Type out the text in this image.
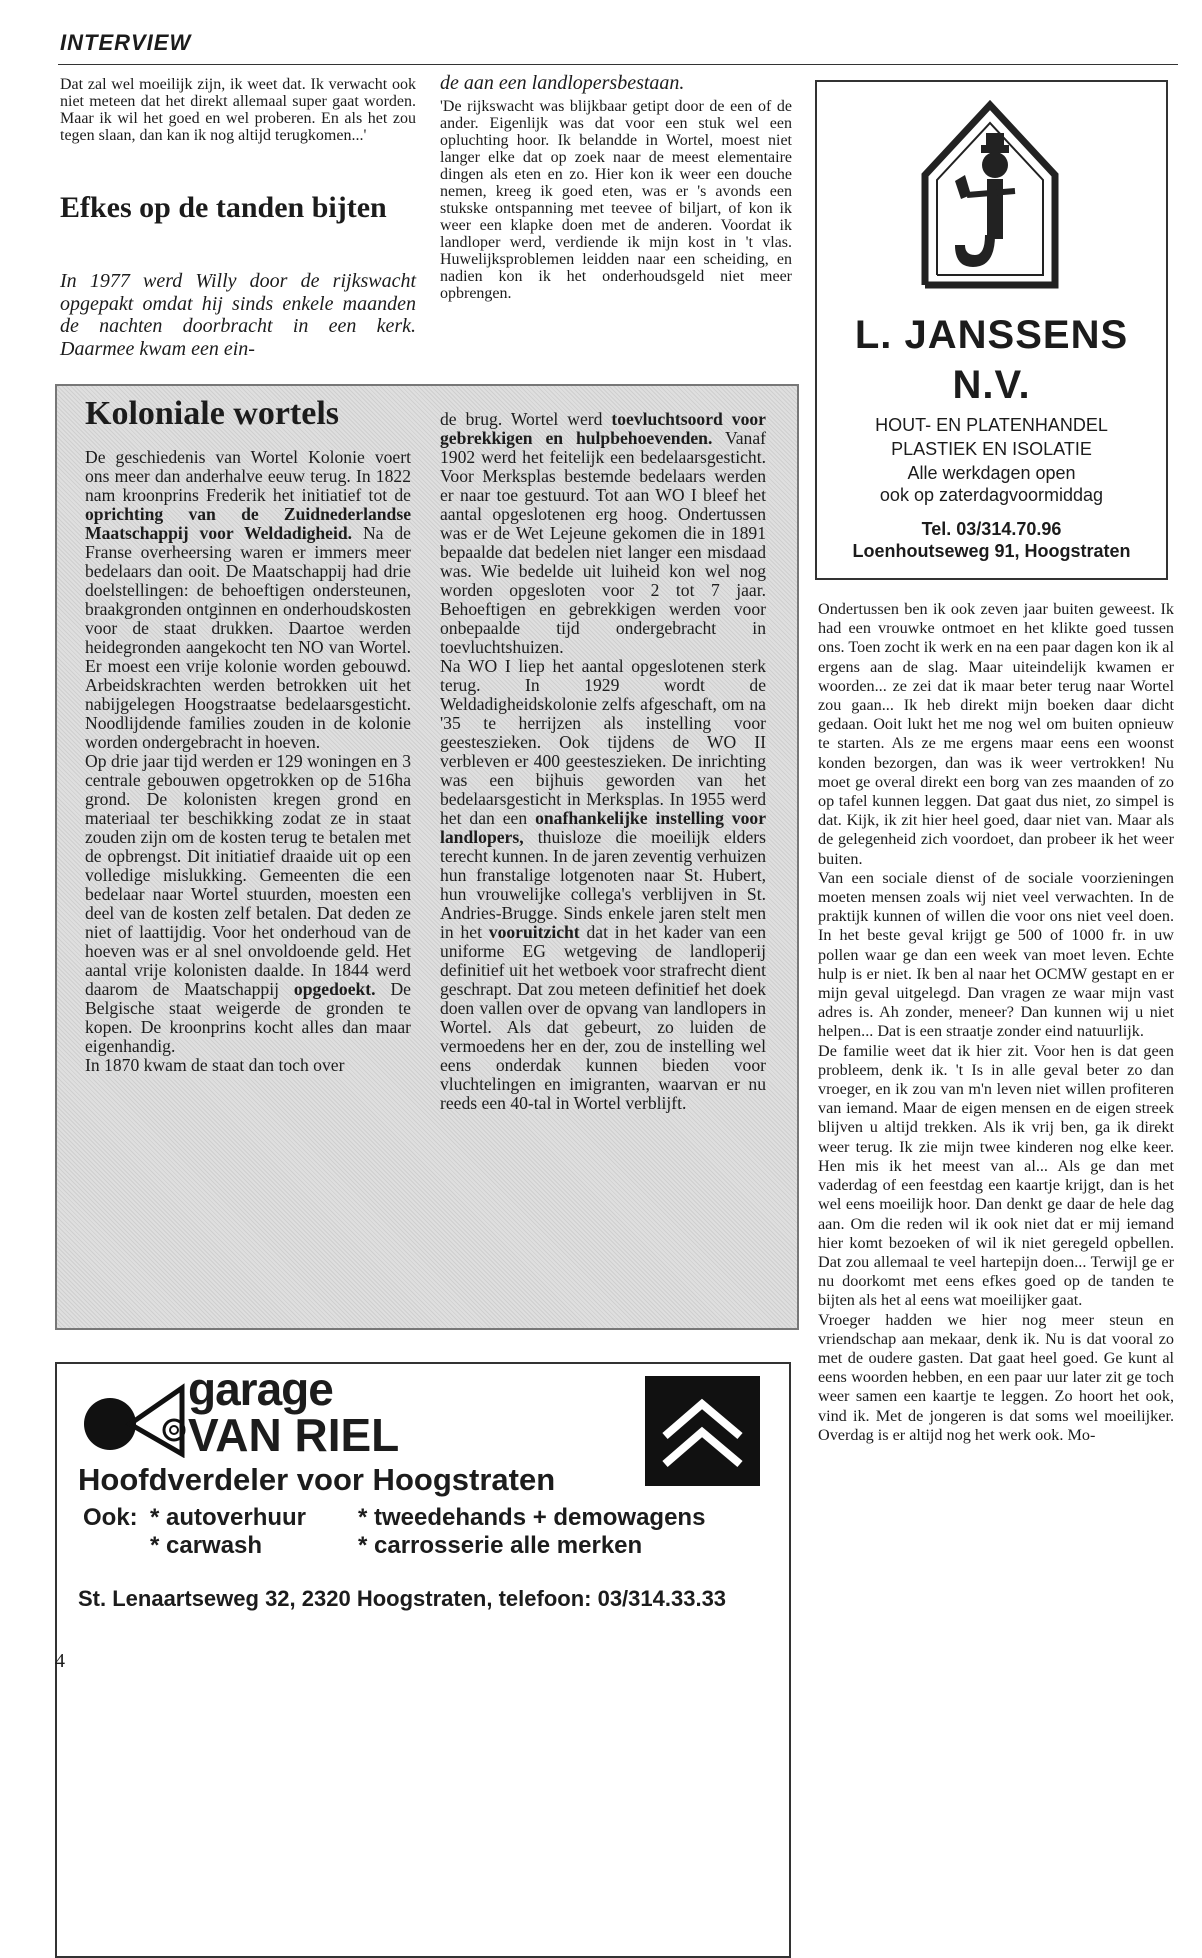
INTERVIEW

Dat zal wel moeilijk zijn, ik weet dat. Ik verwacht ook niet meteen dat het direkt allemaal super gaat worden. Maar ik wil het goed en wel proberen. En als het zou tegen slaan, dan kan ik nog altijd terugkomen...'

Efkes op de tanden bijten
In 1977 werd Willy door de rijkswacht opgepakt omdat hij sinds enkele maanden de nachten doorbracht in een kerk. Daarmee kwam een ein-
de aan een landlopersbestaan.

'De rijkswacht was blijkbaar getipt door de een of de ander. Eigenlijk was dat voor een stuk wel een opluchting hoor. Ik belandde in Wortel, moest niet langer elke dat op zoek naar de meest elementaire dingen als eten en zo. Hier kon ik weer een douche nemen, kreeg ik goed eten, was er 's avonds een stukske ontspanning met teevee of biljart, of kon ik weer een klapke doen met de anderen. Voordat ik landloper werd, verdiende ik mijn kost in 't vlas. Huwelijksproblemen leidden naar een scheiding, en nadien kon ik het onderhoudsgeld niet meer opbrengen.

Koloniale wortels

De geschiedenis van Wortel Kolonie voert ons meer dan anderhalve eeuw terug. In 1822 nam kroonprins Frederik het initiatief tot de oprichting van de Zuidnederlandse Maatschappij voor Weldadigheid. Na de Franse overheersing waren er immers meer bedelaars dan ooit. De Maatschappij had drie doelstellingen: de behoeftigen ondersteunen, braakgronden ontginnen en onderhoudskosten voor de staat drukken. Daartoe werden heidegronden aangekocht ten NO van Wortel. Er moest een vrije kolonie worden gebouwd. Arbeidskrachten werden betrokken uit het nabijgelegen Hoogstraatse bedelaarsgesticht. Noodlijdende families zouden in de kolonie worden ondergebracht in hoeven.

Op drie jaar tijd werden er 129 woningen en 3 centrale gebouwen opgetrokken op de 516ha grond. De kolonisten kregen grond en materiaal ter beschikking zodat ze in staat zouden zijn om de kosten terug te betalen met de opbrengst. Dit initiatief draaide uit op een volledige mislukking. Gemeenten die een bedelaar naar Wortel stuurden, moesten een deel van de kosten zelf betalen. Dat deden ze niet of laattijdig. Voor het onderhoud van de hoeven was er al snel onvoldoende geld. Het aantal vrije kolonisten daalde. In 1844 werd daarom de Maatschappij opgedoekt. De Belgische staat weigerde de gronden te kopen. De kroonprins kocht alles dan maar eigenhandig.

In 1870 kwam de staat dan toch over

de brug. Wortel werd toevluchtsoord voor gebrekkigen en hulpbehoevenden. Vanaf 1902 werd het feitelijk een bedelaarsgesticht. Voor Merksplas bestemde bedelaars werden er naar toe gestuurd. Tot aan WO I bleef het aantal opgeslotenen erg hoog. Ondertussen was er de Wet Lejeune gekomen die in 1891 bepaalde dat bedelen niet langer een misdaad was. Wie bedelde uit luiheid kon wel nog worden opgesloten voor 2 tot 7 jaar. Behoeftigen en gebrekkigen werden voor onbepaalde tijd ondergebracht in toevluchtshuizen.

Na WO I liep het aantal opgeslotenen sterk terug. In 1929 wordt de Weldadigheidskolonie zelfs afgeschaft, om na '35 te herrijzen als instelling voor geesteszieken. Ook tijdens de WO II verbleven er 400 geesteszieken. De inrichting was een bijhuis geworden van het bedelaarsgesticht in Merksplas. In 1955 werd het dan een onafhankelijke instelling voor landlopers, thuisloze die moeilijk elders terecht kunnen. In de jaren zeventig verhuizen hun franstalige lotgenoten naar St. Hubert, hun vrouwelijke collega's verblijven in St. Andries-Brugge. Sinds enkele jaren stelt men in het vooruitzicht dat in het kader van een uniforme EG wetgeving de landloperij definitief uit het wetboek voor strafrecht dient geschrapt. Dat zou meteen definitief het doek doen vallen over de opvang van landlopers in Wortel. Als dat gebeurt, zo luiden de vermoedens her en der, zou de instelling wel eens onderdak kunnen bieden voor vluchtelingen en imigranten, waarvan er nu reeds een 40-tal in Wortel verblijft.

L. JANSSENS
N.V.
HOUT- EN PLATENHANDEL
PLASTIEK EN ISOLATIE
Alle werkdagen open
ook op zaterdagvoormiddag
Tel. 03/314.70.96
Loenhoutseweg 91, Hoogstraten

Ondertussen ben ik ook zeven jaar buiten geweest. Ik had een vrouwke ontmoet en het klikte goed tussen ons. Toen zocht ik werk en na een paar dagen kon ik al ergens aan de slag. Maar uiteindelijk kwamen er woorden... ze zei dat ik maar beter terug naar Wortel zou gaan... Ik heb direkt mijn boeken daar dicht gedaan. Ooit lukt het me nog wel om buiten opnieuw te starten. Als ze me ergens maar eens een woonst konden bezorgen, dan was ik weer vertrokken! Nu moet ge overal direkt een borg van zes maanden of zo op tafel kunnen leggen. Dat gaat dus niet, zo simpel is dat. Kijk, ik zit hier heel goed, daar niet van. Maar als de gelegenheid zich voordoet, dan probeer ik het weer buiten.

Van een sociale dienst of de sociale voorzieningen moeten mensen zoals wij niet veel verwachten. In de praktijk kunnen of willen die voor ons niet veel doen. In het beste geval krijgt ge 500 of 1000 fr. in uw pollen waar ge dan een week van moet leven. Echte hulp is er niet. Ik ben al naar het OCMW gestapt en er mijn geval uitgelegd. Dan vragen ze waar mijn vast adres is. Ah zonder, meneer? Dan kunnen wij u niet helpen... Dat is een straatje zonder eind natuurlijk.

De familie weet dat ik hier zit. Voor hen is dat geen probleem, denk ik. 't Is in alle geval beter zo dan vroeger, en ik zou van m'n leven niet willen profiteren van iemand. Maar de eigen mensen en de eigen streek blijven u altijd trekken. Als ik vrij ben, ga ik direkt weer terug. Ik zie mijn twee kinderen nog elke keer. Hen mis ik het meest van al... Als ge dan met vaderdag of een feestdag een kaartje krijgt, dan is het wel eens moeilijk hoor. Dan denkt ge daar de hele dag aan. Om die reden wil ik ook niet dat er mij iemand hier komt bezoeken of wil ik niet geregeld opbellen. Dat zou allemaal te veel hartepijn doen... Terwijl ge er nu doorkomt met eens efkes goed op de tanden te bijten als het al eens wat moeilijker gaat.

Vroeger hadden we hier nog meer steun en vriendschap aan mekaar, denk ik. Nu is dat vooral zo met de oudere gasten. Dat gaat heel goed. Ge kunt al eens woorden hebben, en een paar uur later zit ge toch weer samen een kaartje te leggen. Zo hoort het ook, vind ik. Met de jongeren is dat soms wel moeilijker. Overdag is er altijd nog het werk ook. Mo-

garage
VAN RIEL
Hoofdverdeler voor Hoogstraten
Ook: * autoverhuur * tweedehands + demowagens
* carwash	* carrosserie alle merken
St. Lenaartseweg 32, 2320 Hoogstraten, telefoon: 03/314.33.33
4
